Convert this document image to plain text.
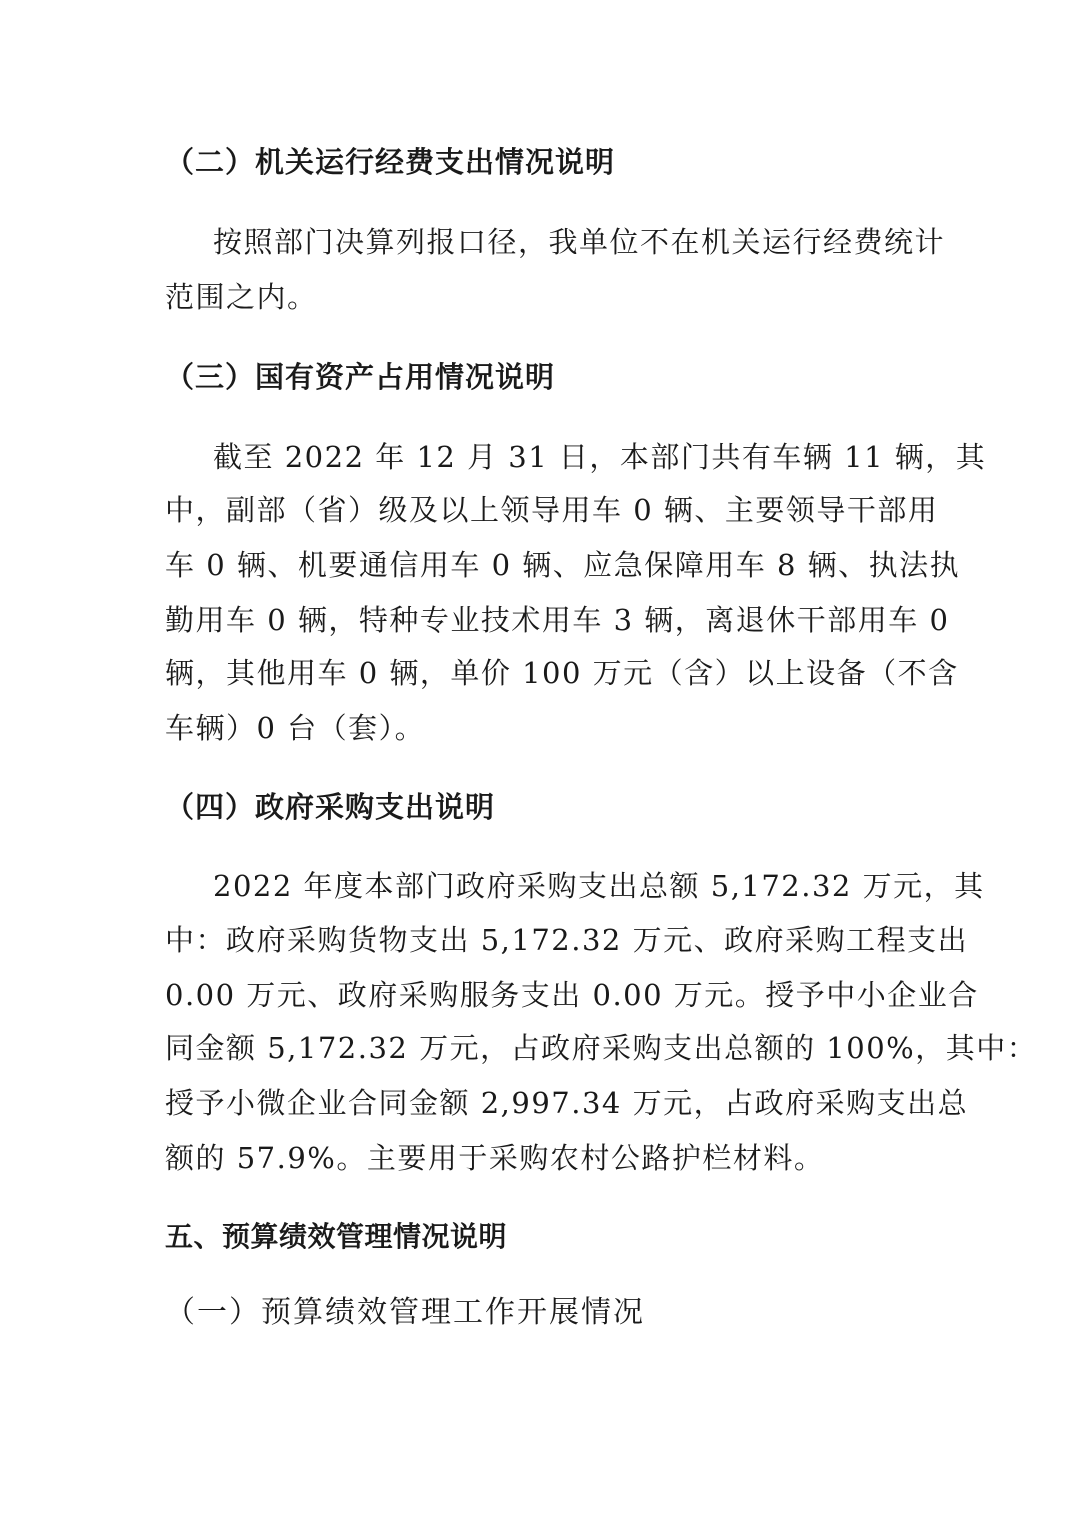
（二）机关运行经费支出情况说明
按照部门决算列报口径，我单位不在机关运行经费统计
范围之内。
（三）国有资产占用情况说明
截至 2022 年 12 月 31 日，本部门共有车辆 11 辆，其
中，副部（省）级及以上领导用车 0 辆、主要领导干部用
车 0 辆、机要通信用车 0 辆、应急保障用车 8 辆、执法执
勤用车 0 辆，特种专业技术用车 3 辆，离退休干部用车 0
辆，其他用车 0 辆，单价 100 万元（含）以上设备（不含
车辆）0 台（套）。
（四）政府采购支出说明
2022 年度本部门政府采购支出总额 5,172.32 万元，其
中：政府采购货物支出 5,172.32 万元、政府采购工程支出
0.00 万元、政府采购服务支出 0.00 万元。授予中小企业合
同金额 5,172.32 万元，占政府采购支出总额的 100%，其中：
授予小微企业合同金额 2,997.34 万元，占政府采购支出总
额的 57.9%。主要用于采购农村公路护栏材料。
五、预算绩效管理情况说明
（一）预算绩效管理工作开展情况
